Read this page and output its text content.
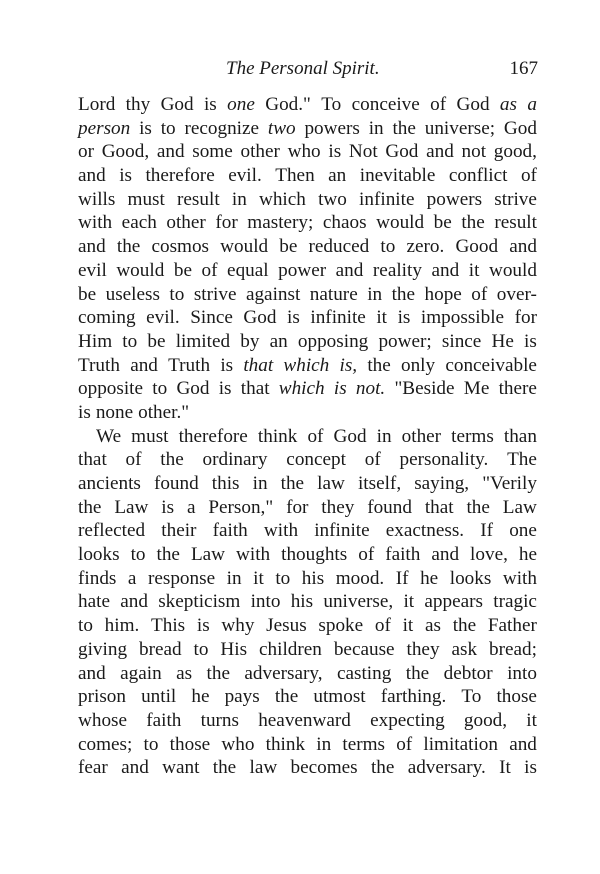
The Personal Spirit.	167
Lord thy God is one God." To conceive of God as a
person is to recognize two powers in the universe; God
or Good, and some other who is Not God and not good,
and is therefore evil. Then an inevitable conflict of
wills must result in which two infinite powers strive
with each other for mastery; chaos would be the result
and the cosmos would be reduced to zero. Good and
evil would be of equal power and reality and it would
be useless to strive against nature in the hope of over-
coming evil. Since God is infinite it is impossible for
Him to be limited by an opposing power; since He is
Truth and Truth is that which is, the only conceivable
opposite to God is that which is not. "Beside Me there
is none other."
We must therefore think of God in other terms than
that of the ordinary concept of personality. The
ancients found this in the law itself, saying, "Verily
the Law is a Person," for they found that the Law
reflected their faith with infinite exactness. If one
looks to the Law with thoughts of faith and love, he
finds a response in it to his mood. If he looks with
hate and skepticism into his universe, it appears tragic
to him. This is why Jesus spoke of it as the Father
giving bread to His children because they ask bread;
and again as the adversary, casting the debtor into
prison until he pays the utmost farthing. To those
whose faith turns heavenward expecting good, it
comes; to those who think in terms of limitation and
fear and want the law becomes the adversary. It is
